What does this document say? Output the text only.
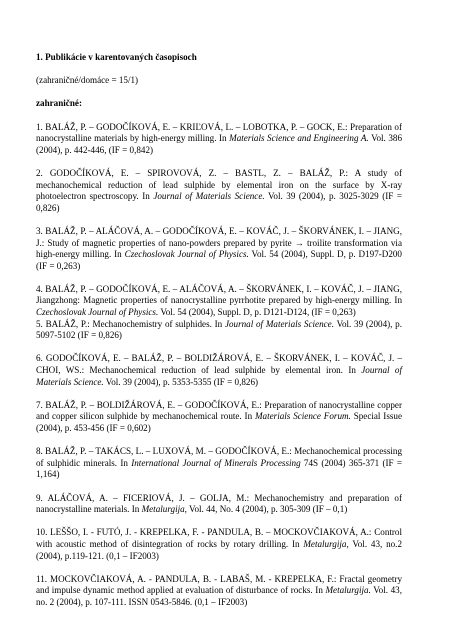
1. Publikácie v karentovaných časopisoch

(zahraničné/domáce = 15/1)

zahraničné:

1. BALÁŽ, P. – GODOČÍKOVÁ, E. – KRIĽOVÁ, L. – LOBOTKA, P. – GOCK, E.: Preparation of nanocrystalline materials by high-energy milling. In Materials Science and Engineering A. Vol. 386 (2004), p. 442-446, (IF = 0,842)

2. GODOČÍKOVÁ, E. – SPIROVOVÁ, Z. – BASTL, Z. – BALÁŽ, P.: A study of mechanochemical reduction of lead sulphide by elemental iron on the surface by X-ray photoelectron spectroscopy. In Journal of Materials Science. Vol. 39 (2004), p. 3025-3029 (IF = 0,826)

3. BALÁŽ, P. – ALÁČOVÁ, A. – GODOČÍKOVÁ, E. – KOVÁČ, J. – ŠKORVÁNEK, I. – JIANG, J.: Study of magnetic properties of nano-powders prepared by pyrite → troilite transformation via high-energy milling. In Czechoslovak Journal of Physics. Vol. 54 (2004), Suppl. D, p. D197-D200 (IF = 0,263)

4. BALÁŽ, P. – GODOČÍKOVÁ, E. – ALÁČOVÁ, A. – ŠKORVÁNEK, I. – KOVÁČ, J. – JIANG, Jiangzhong: Magnetic properties of nanocrystalline pyrrhotite prepared by high-energy milling. In Czechoslovak Journal of Physics. Vol. 54 (2004), Suppl. D, p. D121-D124, (IF = 0,263)

5. BALÁŽ, P.: Mechanochemistry of sulphides. In Journal of Materials Science. Vol. 39 (2004), p. 5097-5102 (IF = 0,826)

6. GODOČÍKOVÁ, E. – BALÁŽ, P. – BOLDIŽÁROVÁ, E. – ŠKORVÁNEK, I. – KOVÁČ, J. – CHOI, WS.: Mechanochemical reduction of lead sulphide by elemental iron. In Journal of Materials Science. Vol. 39 (2004), p. 5353-5355 (IF = 0,826)

7. BALÁŽ, P. – BOLDIŽÁROVÁ, E. – GODOČÍKOVÁ, E.: Preparation of nanocrystalline copper and copper silicon sulphide by mechanochemical route. In Materials Science Forum. Special Issue (2004), p. 453-456 (IF = 0,602)

8. BALÁŽ, P. – TAKÁCS, L. – LUXOVÁ, M. – GODOČÍKOVÁ, E.: Mechanochemical processing of sulphidic minerals. In International Journal of Minerals Processing 74S (2004) 365-371 (IF = 1,164)

9. ALÁČOVÁ, A. – FICERIOVÁ, J. – GOLJA, M.: Mechanochemistry and preparation of nanocrystalline materials. In Metalurgija, Vol. 44, No. 4 (2004), p. 305-309 (IF – 0,1)

10. LEŠŠO, I. - FUTÓ, J. - KREPELKA, F. - PANDULA, B. – MOCKOVČIAKOVÁ, A.: Control with acoustic method of disintegration of rocks by rotary drilling. In Metalurgija, Vol. 43, no.2 (2004), p.119-121. (0,1 – IF2003)

11. MOCKOVČIAKOVÁ, A. - PANDULA, B. - LABAŠ, M. - KREPELKA, F.: Fractal geometry and impulse dynamic method applied at evaluation of disturbance of rocks. In Metalurgija. Vol. 43, no. 2 (2004), p. 107-111. ISSN 0543-5846. (0,1 – IF2003)
